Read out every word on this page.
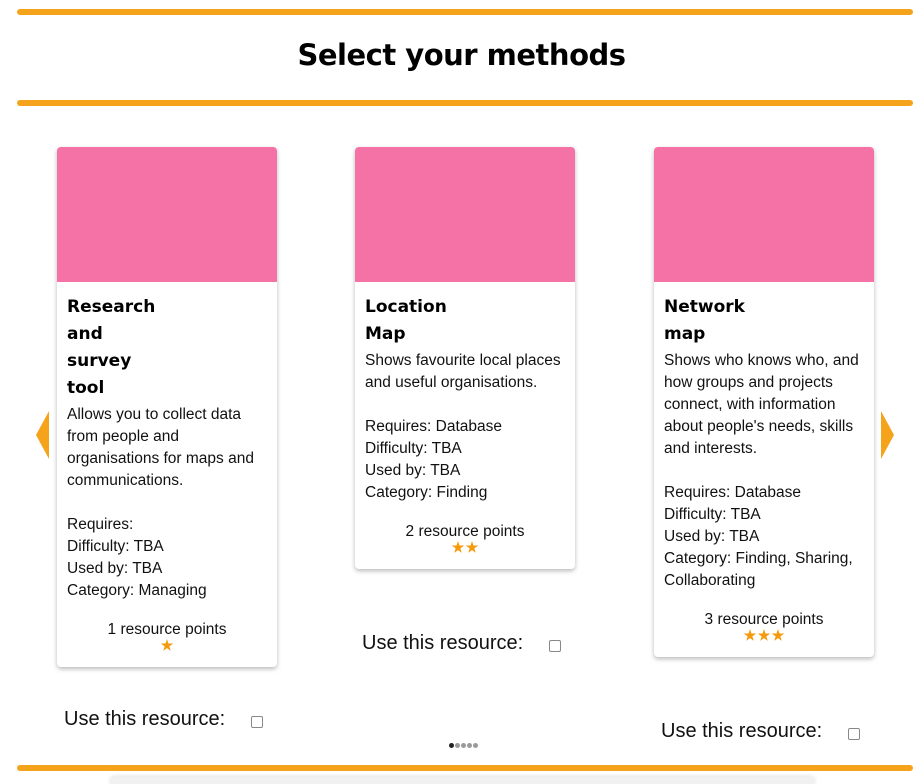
Select your methods
Research
and
survey
tool
Allows you to collect data from people and organisations for maps and communications.
Requires:
Difficulty: TBA
Used by: TBA
Category: Managing
1 resource points
Use this resource:
Location
Map
Shows favourite local places and useful organisations.
Requires: Database
Difficulty: TBA
Used by: TBA
Category: Finding
2 resource points
Use this resource:
Network
map
Shows who knows who, and how groups and projects connect, with information about people's needs, skills and interests.
Requires: Database
Difficulty: TBA
Used by: TBA
Category: Finding, Sharing, Collaborating
3 resource points
Use this resource:
